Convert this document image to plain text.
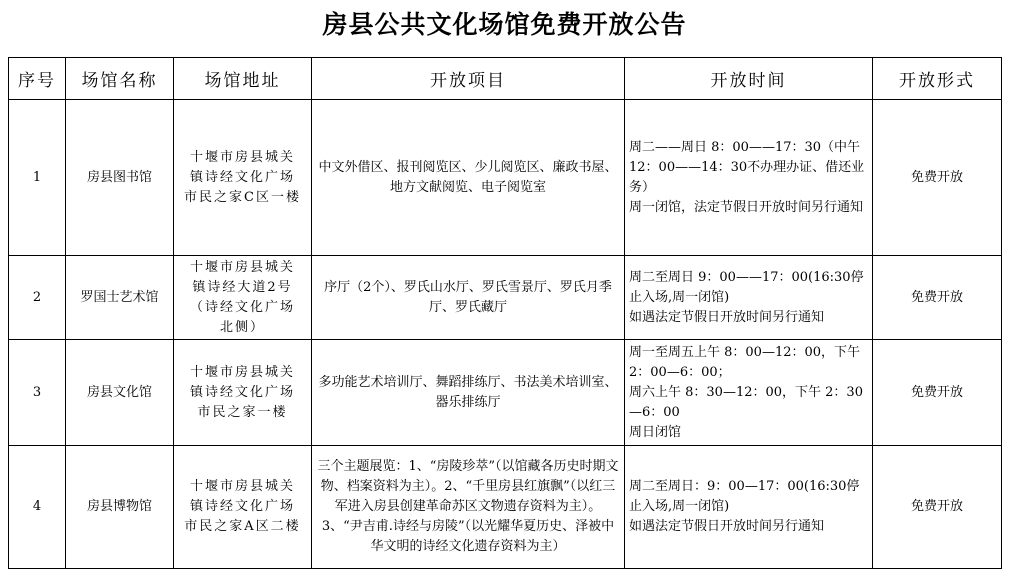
房县公共文化场馆免费开放公告
序号	场馆名称	场馆地址	开放项目	开放时间	开放形式
1	房县图书馆	十堰市房县城关镇诗经文化广场市民之家C区一楼	中文外借区、报刊阅览区、少儿阅览区、廉政书屋、地方文献阅览、电子阅览室	周二——周日 8：00——17：30（中午 12：00——14：30不办理办证、借还业务）
周一闭馆，法定节假日开放时间另行通知	免费开放
2	罗国士艺术馆	十堰市房县城关镇诗经大道2号（诗经文化广场北侧）	序厅（2个）、罗氏山水厅、罗氏雪景厅、罗氏月季厅、罗氏藏厅	周二至周日 9：00——17：00(16:30停止入场,周一闭馆)
如遇法定节假日开放时间另行通知	免费开放
3	房县文化馆	十堰市房县城关镇诗经文化广场市民之家一楼	多功能艺术培训厅、舞蹈排练厅、书法美术培训室、器乐排练厅	周一至周五上午 8：00—12：00，下午 2：00—6：00；
周六上午 8：30—12：00，下午 2：30—6：00
周日闭馆	免费开放
4	房县博物馆	十堰市房县城关镇诗经文化广场市民之家A区二楼	三个主题展览：1、“房陵珍萃”（以馆藏各历史时期文物、档案资料为主）。2、“千里房县红旗飘”（以红三军进入房县创建革命苏区文物遗存资料为主）。3、“尹吉甫.诗经与房陵”（以光耀华夏历史、泽被中华文明的诗经文化遗存资料为主）	周二至周日：9：00—17：00(16:30停止入场,周一闭馆)
如遇法定节假日开放时间另行通知	免费开放
